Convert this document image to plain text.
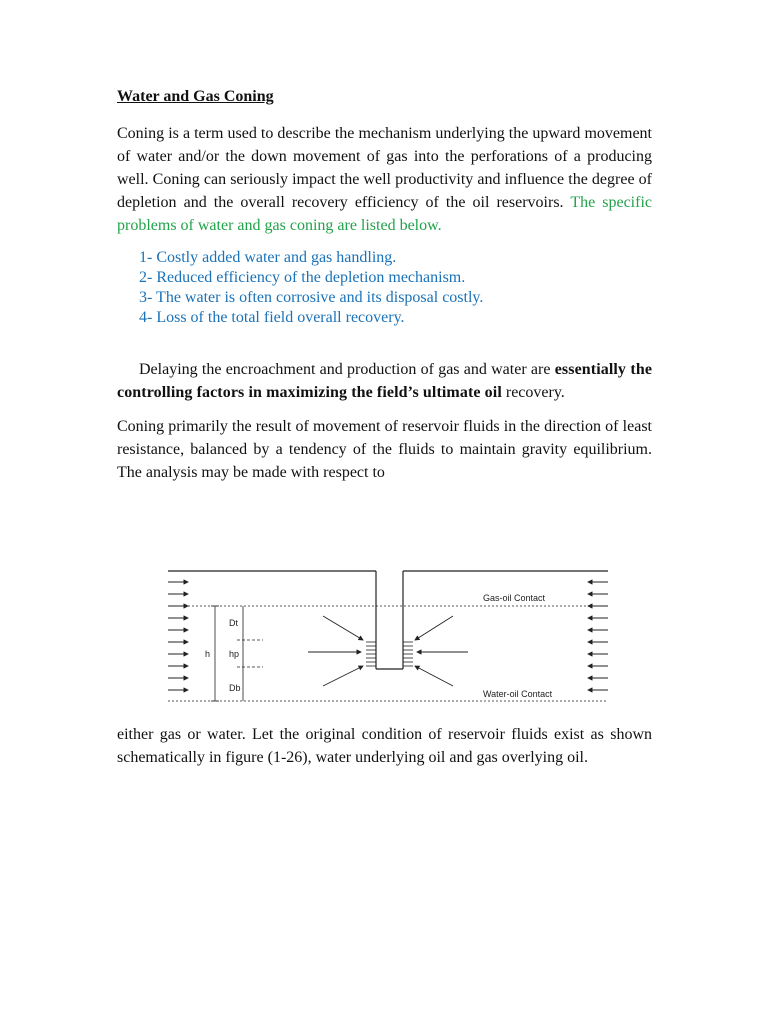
Water and Gas Coning

Coning is a term used to describe the mechanism underlying the upward movement of water and/or the down movement of gas into the perforations of a producing well. Coning can seriously impact the well productivity and influence the degree of depletion and the overall recovery efficiency of the oil reservoirs. The specific problems of water and gas coning are listed below.

1- Costly added water and gas handling.
2- Reduced efficiency of the depletion mechanism.
3- The water is often corrosive and its disposal costly.
4- Loss of the total field overall recovery.

Delaying the encroachment and production of gas and water are essentially the controlling factors in maximizing the field’s ultimate oil recovery.

Coning primarily the result of movement of reservoir fluids in the direction of least resistance, balanced by a tendency of the fluids to maintain gravity equilibrium. The analysis may be made with respect to

Gas-oil Contact
Water-oil Contact
h
Dt
hp
Db

either gas or water. Let the original condition of reservoir fluids exist as shown schematically in figure (1-26), water underlying oil and gas overlying oil.
